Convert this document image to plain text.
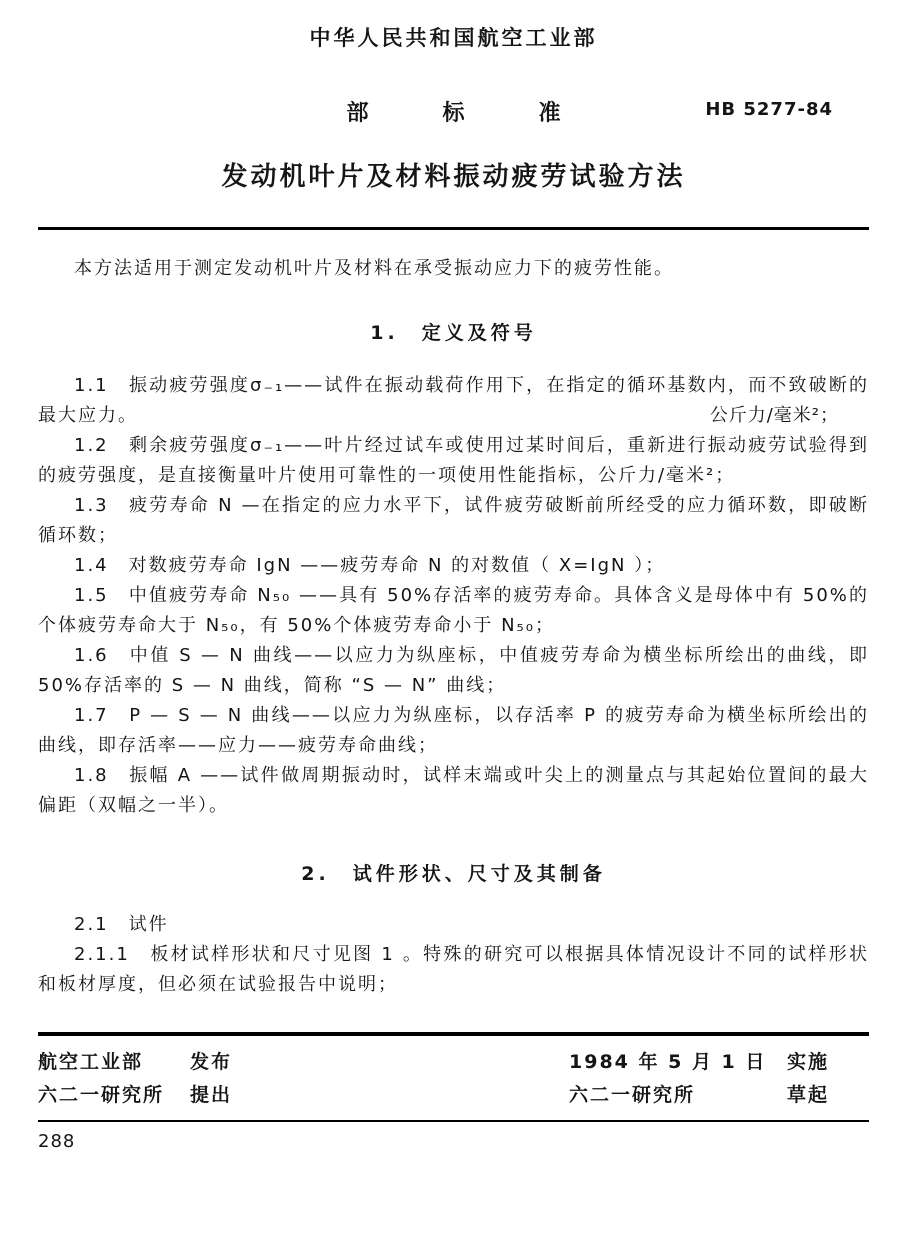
中华人民共和国航空工业部
部　标　准	HB 5277-84
发动机叶片及材料振动疲劳试验方法

本方法适用于测定发动机叶片及材料在承受振动应力下的疲劳性能。

1.　定义及符号

1.1　振动疲劳强度σ₋₁——试件在振动载荷作用下，在指定的循环基数内，而不致破断的最大应力。	公斤力/毫米²；

1.2　剩余疲劳强度σ₋₁——叶片经过试车或使用过某时间后，重新进行振动疲劳试验得到的疲劳强度，是直接衡量叶片使用可靠性的一项使用性能指标，公斤力/毫米²；

1.3　疲劳寿命 N —在指定的应力水平下，试件疲劳破断前所经受的应力循环数，即破断循环数；

1.4　对数疲劳寿命 IgN ——疲劳寿命 N 的对数值（ X=IgN ）；

1.5　中值疲劳寿命 N₅₀ ——具有 50%存活率的疲劳寿命。具体含义是母体中有 50%的个体疲劳寿命大于 N₅₀，有 50%个体疲劳寿命小于 N₅₀；

1.6　中值 S — N 曲线——以应力为纵座标，中值疲劳寿命为横坐标所绘出的曲线，即 50%存活率的 S — N 曲线，简称 “S — N” 曲线；

1.7　P — S — N 曲线——以应力为纵座标，以存活率 P 的疲劳寿命为横坐标所绘出的曲线，即存活率——应力——疲劳寿命曲线；

1.8　振幅 A ——试件做周期振动时，试样末端或叶尖上的测量点与其起始位置间的最大偏距（双幅之一半）。

2.　试件形状、尺寸及其制备

2.1　试件

2.1.1　板材试样形状和尺寸见图 1 。特殊的研究可以根据具体情况设计不同的试样形状和板材厚度，但必须在试验报告中说明；

航空工业部	发布	1984 年 5 月 1 日	实施
六二一研究所	提出	六二一研究所	草起
288
